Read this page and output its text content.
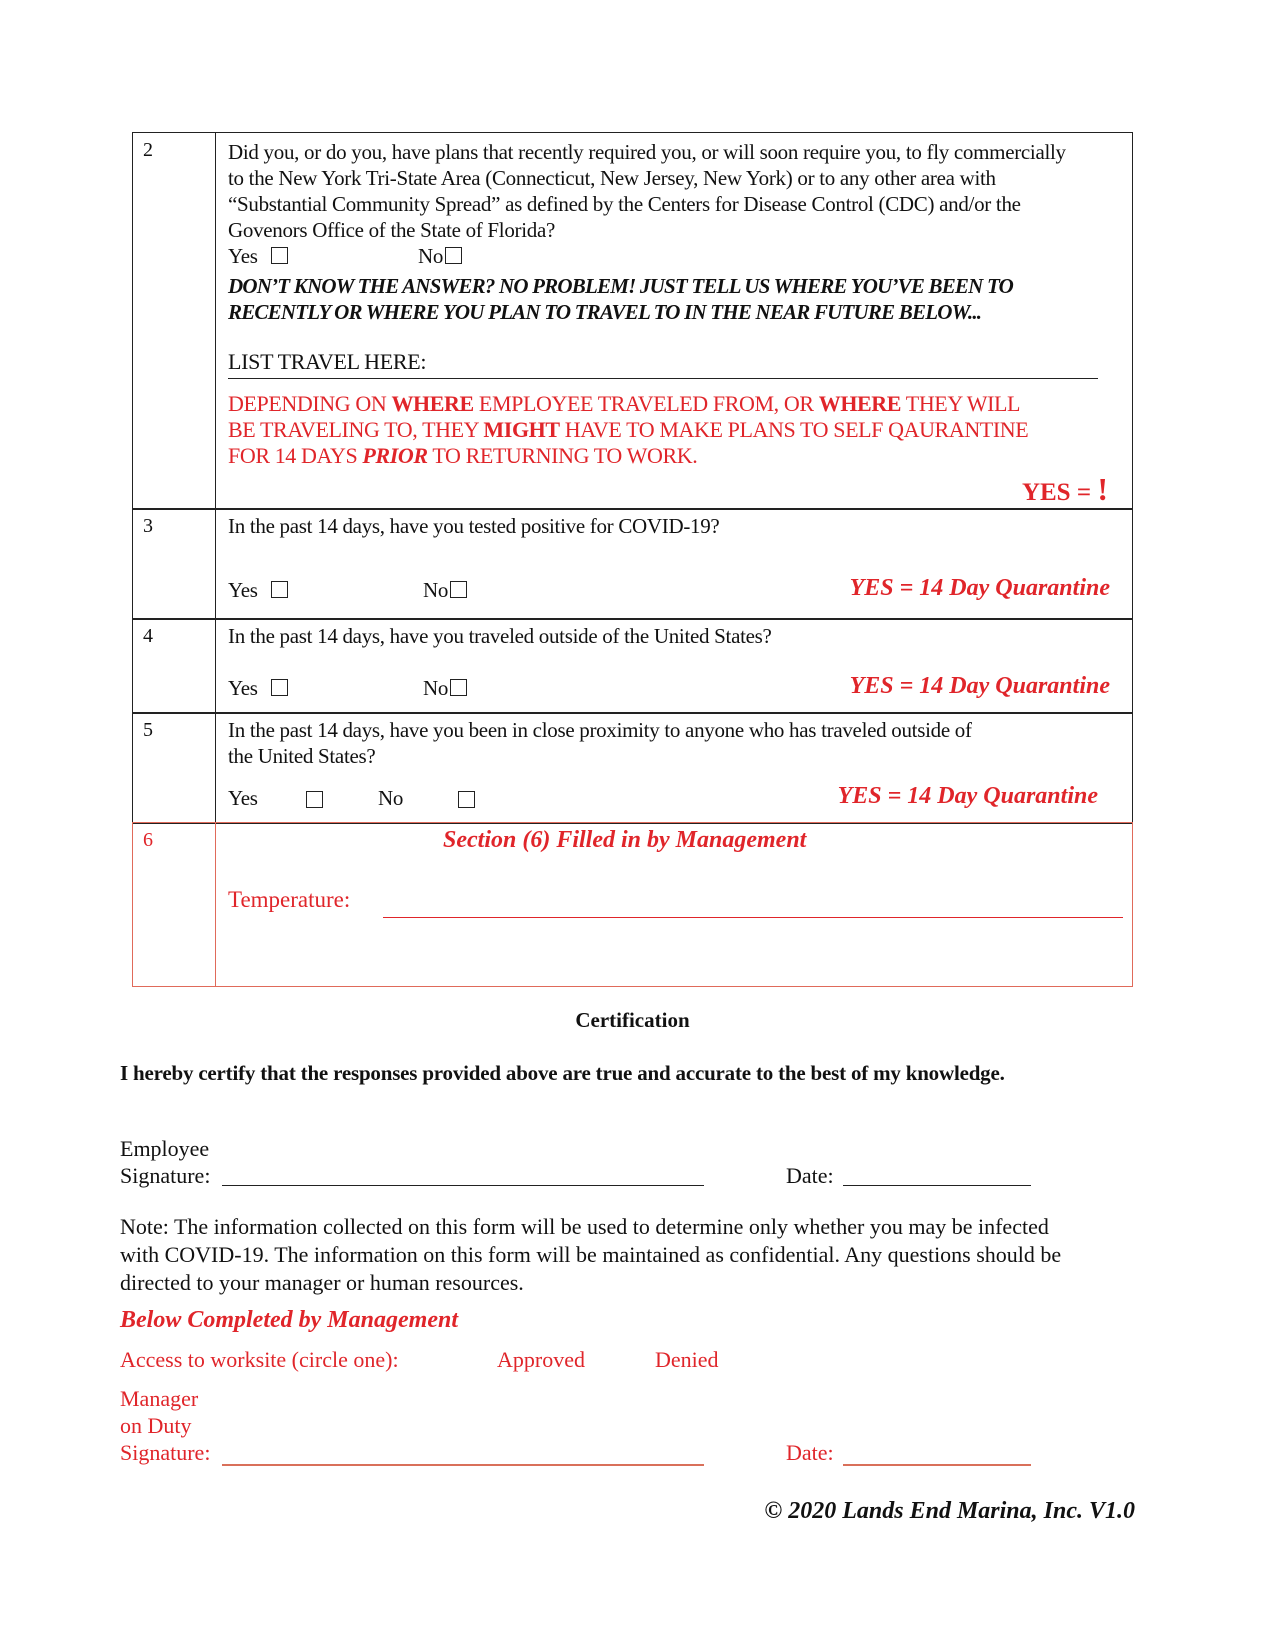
2	Did you, or do you, have plans that recently required you, or will soon require you, to fly commercially
to the New York Tri-State Area (Connecticut, New Jersey, New York) or to any other area with
“Substantial Community Spread” as defined by the Centers for Disease Control (CDC) and/or the
Govenors Office of the State of Florida?
Yes	No
DON’T KNOW THE ANSWER? NO PROBLEM! JUST TELL US WHERE YOU’VE BEEN TO
RECENTLY OR WHERE YOU PLAN TO TRAVEL TO IN THE NEAR FUTURE BELOW...
LIST TRAVEL HERE:
DEPENDING ON WHERE EMPLOYEE TRAVELED FROM, OR WHERE THEY WILL
BE TRAVELING TO, THEY MIGHT HAVE TO MAKE PLANS TO SELF QAURANTINE
FOR 14 DAYS PRIOR TO RETURNING TO WORK.
YES = !
3	In the past 14 days, have you tested positive for COVID-19?
Yes	No	YES = 14 Day Quarantine
4	In the past 14 days, have you traveled outside of the United States?
Yes	No	YES = 14 Day Quarantine
5	In the past 14 days, have you been in close proximity to anyone who has traveled outside of
the United States?
Yes	No	YES = 14 Day Quarantine
6	Section (6) Filled in by Management
Temperature:
Certification
I hereby certify that the responses provided above are true and accurate to the best of my knowledge.
Employee
Signature:	Date:
Note: The information collected on this form will be used to determine only whether you may be infected
with COVID-19. The information on this form will be maintained as confidential. Any questions should be
directed to your manager or human resources.
Below Completed by Management
Access to worksite (circle one):	Approved	Denied
Manager
on Duty
Signature:	Date:
© 2020 Lands End Marina, Inc. V1.0
